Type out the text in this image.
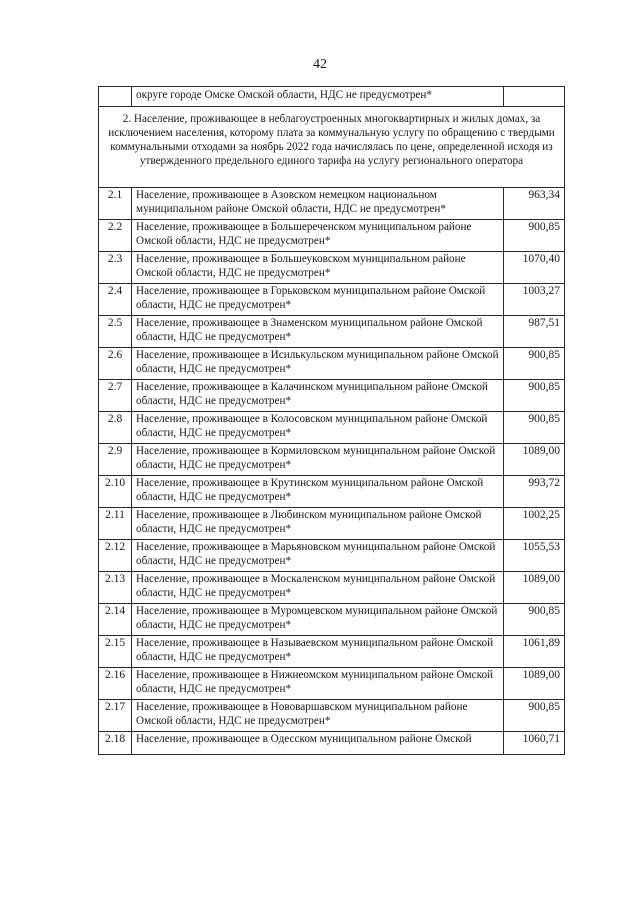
42
	округе городе Омске Омской области, НДС не предусмотрен*	
2. Население, проживающее в неблагоустроенных многоквартирных и жилых домах, за исключением населения, которому плата за коммунальную услугу по обращению с твердыми коммунальными отходами за ноябрь 2022 года начислялась по цене, определенной исходя из утвержденного предельного единого тарифа на услугу регионального оператора		
2.1	Население, проживающее в Азовском немецком национальном муниципальном районе Омской области, НДС не предусмотрен*	963,34
2.2	Население, проживающее в Большереченском муниципальном районе Омской области, НДС не предусмотрен*	900,85
2.3	Население, проживающее в Большеуковском муниципальном районе Омской области, НДС не предусмотрен*	1070,40
2.4	Население, проживающее в Горьковском муниципальном районе Омской области, НДС не предусмотрен*	1003,27
2.5	Население, проживающее в Знаменском муниципальном районе Омской области, НДС не предусмотрен*	987,51
2.6	Население, проживающее в Исилькульском муниципальном районе Омской области, НДС не предусмотрен*	900,85
2.7	Население, проживающее в Калачинском муниципальном районе Омской области, НДС не предусмотрен*	900,85
2.8	Население, проживающее в Колосовском муниципальном районе Омской области, НДС не предусмотрен*	900,85
2.9	Население, проживающее в Кормиловском муниципальном районе Омской области, НДС не предусмотрен*	1089,00
2.10	Население, проживающее в Крутинском муниципальном районе Омской области, НДС не предусмотрен*	993,72
2.11	Население, проживающее в Любинском муниципальном районе Омской области, НДС не предусмотрен*	1002,25
2.12	Население, проживающее в Марьяновском муниципальном районе Омской области, НДС не предусмотрен*	1055,53
2.13	Население, проживающее в Москаленском муниципальном районе Омской области, НДС не предусмотрен*	1089,00
2.14	Население, проживающее в Муромцевском муниципальном районе Омской области, НДС не предусмотрен*	900,85
2.15	Население, проживающее в Называевском муниципальном районе Омской области, НДС не предусмотрен*	1061,89
2.16	Население, проживающее в Нижнеомском муниципальном районе Омской области, НДС не предусмотрен*	1089,00
2.17	Население, проживающее в Нововаршавском муниципальном районе Омской области, НДС не предусмотрен*	900,85
2.18	Население, проживающее в Одесском муниципальном районе Омской	1060,71
